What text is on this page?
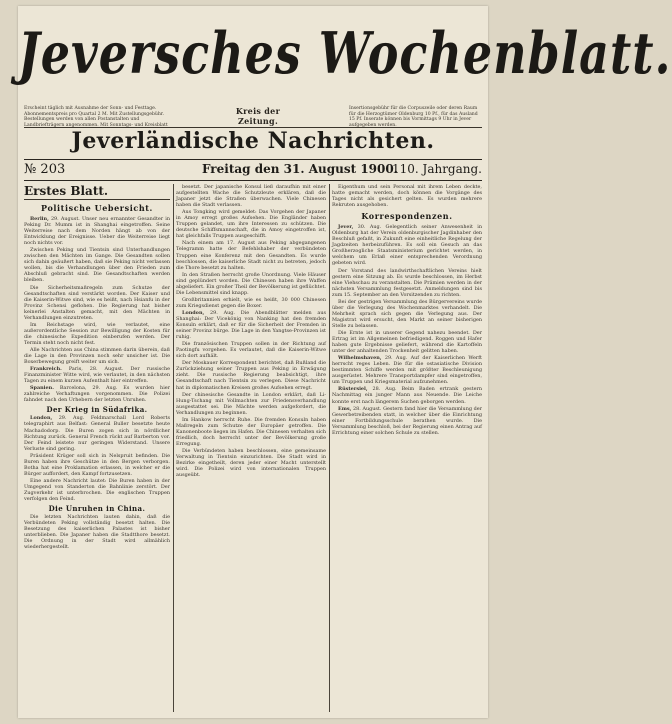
Jeversches Wochenblatt.
Erscheint täglich mit Ausnahme der Sonn- und Festtage. Abonnementspreis pro Quartal 2 M. Mit Zustellungsgebühr. Bestellungen werden von allen Postanstalten und Landbriefträgern angenommen. Mit Sonntags- und Kreisblatt
Kreis der Zeitung.
Insertionsgebühr für die Corpuszeile oder deren Raum für die Herzogtümer Oldenburg 10 Pf., für das Ausland 15 Pf. Inserate können bis Vormittags 9 Uhr in Jever aufgegeben werden.
Jeverländische Nachrichten.
№ 203	Freitag den 31. August 1900.
110. Jahrgang.
Erstes Blatt.
Politische Uebersicht.
Berlin, 29. August. Unser neu ernannter Gesandter in Peking Dr. Mumm ist in Shanghai eingetroffen. Seine Weiterreise nach dem Norden hängt ab von der Entwicklung der Ereignisse. Ueber die Weiterreise liegt noch nichts vor.
Zwischen Peking und Tientsin sind Unterhandlungen zwischen den Mächten im Gange. Die Gesandten sollen sich dahin geäußert haben, daß sie Peking nicht verlassen wollen, bis die Verhandlungen über den Frieden zum Abschluß gebracht sind. Die Gesandtschaften werden bleiben.
Die Sicherheitsmaßregeln zum Schutze der Gesandtschaften sind verstärkt worden. Der Kaiser und die Kaiserin-Witwe sind, wie es heißt, nach Hsianfu in der Provinz Schensi geflohen. Die Regierung hat bisher keinerlei Anstalten gemacht, mit den Mächten in Verhandlungen einzutreten.
Im Reichstage wird, wie verlautet, eine außerordentliche Session zur Bewilligung der Kosten für die chinesische Expedition einberufen werden. Der Termin steht noch nicht fest.
Alle Nachrichten aus China stimmen darin überein, daß die Lage in den Provinzen noch sehr unsicher ist. Die Boxerbewegung greift weiter um sich.
Frankreich. Paris, 28. August. Der russische Finanzminister Witte wird, wie verlautet, in den nächsten Tagen zu einem kurzen Aufenthalt hier eintreffen.
Spanien. Barcelona, 29. Aug. Es wurden hier zahlreiche Verhaftungen vorgenommen. Die Polizei fahndet nach den Urhebern der letzten Unruhen.
Der Krieg in Südafrika.
London, 29. Aug. Feldmarschall Lord Roberts telegraphirt aus Belfast: General Buller besetzte heute Machadodorp. Die Buren zogen sich in nördlicher Richtung zurück. General French rückt auf Barberton vor. Der Feind leistete nur geringen Widerstand. Unsere Verluste sind gering.
Präsident Krüger soll sich in Nelspruit befinden. Die Buren haben ihre Geschütze in den Bergen verborgen. Botha hat eine Proklamation erlassen, in welcher er die Bürger auffordert, den Kampf fortzusetzen.
Eine andere Nachricht lautet: Die Buren haben in der Umgegend von Standerton die Bahnlinie zerstört. Der Zugverkehr ist unterbrochen. Die englischen Truppen verfolgen den Feind.
Die Unruhen in China.
Die letzten Nachrichten lauten dahin, daß die Verbündeten Peking vollständig besetzt halten. Die Besetzung des kaiserlichen Palastes ist bisher unterblieben. Die Japaner haben die Stadtthore besetzt. Die Ordnung in der Stadt wird allmählich wiederhergestellt.
besetzt. Der japanische Konsul ließ daraufhin mit einer aufgestellten Wache die Schutzleute erklären, daß die Japaner jetzt die Straßen überwachen. Viele Chinesen haben die Stadt verlassen.
Aus Tongking wird gemeldet: Das Vorgehen der Japaner in Amoy erregt großes Aufsehen. Die Engländer haben Truppen gelandet, um ihre Interessen zu schützen. Die deutsche Schiffsmannschaft, die in Amoy eingetroffen ist, hat gleichfalls Truppen ausgeschifft.
Nach einem am 17. August aus Peking abgegangenen Telegramm hatte der Befehlshaber der verbündeten Truppen eine Konferenz mit den Gesandten. Es wurde beschlossen, die kaiserliche Stadt nicht zu betreten, jedoch die Thore besetzt zu halten.
In den Straßen herrscht große Unordnung. Viele Häuser sind geplündert worden. Die Chinesen haben ihre Waffen abgeliefert. Ein großer Theil der Bevölkerung ist geflüchtet. Die Lebensmittel sind knapp.
Großbritannien erhielt, wie es heißt, 30 000 Chinesen zum Kriegsdienst gegen die Boxer.
London, 29. Aug. Die Abendblätter melden aus Shanghai: Der Vicekönig von Nanking hat den fremden Konsuln erklärt, daß er für die Sicherheit der Fremden in seiner Provinz bürge. Die Lage in den Yangtse-Provinzen ist ruhig.
Die französischen Truppen sollen in der Richtung auf Paotingfu vorgehen. Es verlautet, daß die Kaiserin-Witwe sich dort aufhält.
Der Moskauer Korrespondent berichtet, daß Rußland die Zurückziehung seiner Truppen aus Peking in Erwägung zieht. Die russische Regierung beabsichtigt, ihre Gesandtschaft nach Tientsin zu verlegen. Diese Nachricht hat in diplomatischen Kreisen großes Aufsehen erregt.
Der chinesische Gesandte in London erklärt, daß Li-Hung-Tschang mit Vollmachten zur Friedensverhandlung ausgestattet sei. Die Mächte werden aufgefordert, die Verhandlungen zu beginnen.
Im Hankow herrscht Ruhe. Die fremden Konsuln haben Maßregeln zum Schutze der Europäer getroffen. Die Kanonenboote liegen im Hafen. Die Chinesen verhalten sich friedlich, doch herrscht unter der Bevölkerung große Erregung.
Die Verbündeten haben beschlossen, eine gemeinsame Verwaltung in Tientsin einzurichten. Die Stadt wird in Bezirke eingetheilt, deren jeder einer Macht unterstellt wird. Die Polizei wird von internationalen Truppen ausgeübt.
Eigenthum und sein Personal mit ihrem Leben deckte, hatte gemacht werden, doch können die Vorgänge des Tages nicht als gesichert gelten. Es wurden mehrere Rekruten ausgehoben.
Korrespondenzen.
Jever, 30. Aug. Gelegentlich seiner Anwesenheit in Oldenburg hat der Verein oldenburgischer Jagdinhaber den Beschluß gefaßt, in Zukunft eine einheitliche Regelung der Jagdzeiten herbeizuführen. Es soll ein Gesuch an das Großherzogliche Staatsministerium gerichtet werden, in welchem um Erlaß einer entsprechenden Verordnung gebeten wird.
Der Vorstand des landwirthschaftlichen Vereins hielt gestern eine Sitzung ab. Es wurde beschlossen, im Herbst eine Viehschau zu veranstalten. Die Prämien werden in der nächsten Versammlung festgesetzt. Anmeldungen sind bis zum 15. September an den Vorsitzenden zu richten.
Bei der gestrigen Versammlung des Bürgervereins wurde über die Verlegung des Wochenmarktes verhandelt. Die Mehrheit sprach sich gegen die Verlegung aus. Der Magistrat wird ersucht, den Markt an seiner bisherigen Stelle zu belassen.
Die Ernte ist in unserer Gegend nahezu beendet. Der Ertrag ist im Allgemeinen befriedigend. Roggen und Hafer haben gute Ergebnisse geliefert, während die Kartoffeln unter der anhaltenden Trockenheit gelitten haben.
Wilhelmshaven, 29. Aug. Auf der Kaiserlichen Werft herrscht reges Leben. Die für die ostasiatische Division bestimmten Schiffe werden mit größter Beschleunigung ausgerüstet. Mehrere Transportdampfer sind eingetroffen, um Truppen und Kriegsmaterial aufzunehmen.
Rüstersiel, 28. Aug. Beim Baden ertrank gestern Nachmittag ein junger Mann aus Neuende. Die Leiche konnte erst nach längerem Suchen geborgen werden.
Ems, 28. August. Gestern fand hier die Versammlung der Gewerbetreibenden statt, in welcher über die Einrichtung einer Fortbildungsschule berathen wurde. Die Versammlung beschloß, bei der Regierung einen Antrag auf Errichtung einer solchen Schule zu stellen.
